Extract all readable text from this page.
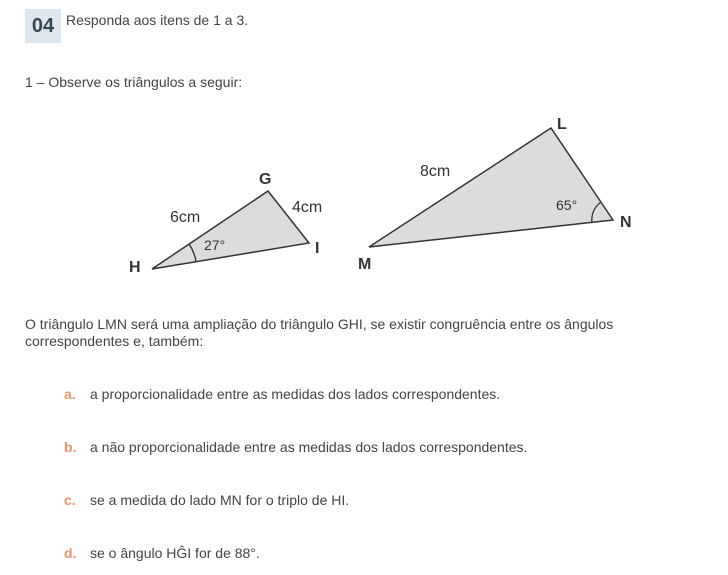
04 Responda aos itens de 1 a 3.
1 – Observe os triângulos a seguir:
G
H
I
6cm
4cm
27°
L
M
N
8cm
65°
O triângulo LMN será uma ampliação do triângulo GHI, se existir congruência entre os ângulos correspondentes e, também:
a.	a proporcionalidade entre as medidas dos lados correspondentes.
b. a não proporcionalidade entre as medidas dos lados correspondentes.
c.	se a medida do lado MN for o triplo de HI.
d. se o ângulo HĜI for de 88°.
